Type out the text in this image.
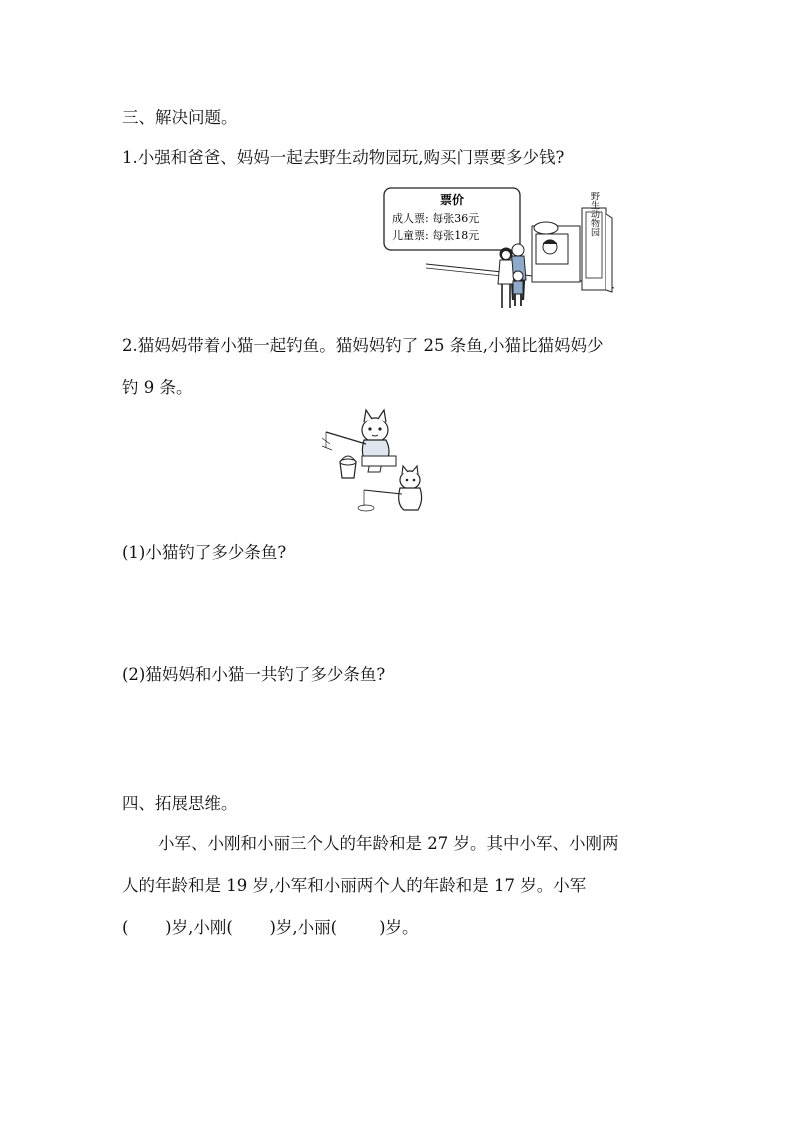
三、解决问题。
1.小强和爸爸、妈妈一起去野生动物园玩,购买门票要多少钱?
票价
成人票: 每张36元
儿童票: 每张18元	野生动物园
2.猫妈妈带着小猫一起钓鱼。猫妈妈钓了 25 条鱼,小猫比猫妈妈少
钓 9 条。
(1)小猫钓了多少条鱼?
(2)猫妈妈和小猫一共钓了多少条鱼?
四、拓展思维。
小军、小刚和小丽三个人的年龄和是 27 岁。其中小军、小刚两
人的年龄和是 19 岁,小军和小丽两个人的年龄和是 17 岁。小军
(       )岁,小刚(       )岁,小丽(        )岁。
